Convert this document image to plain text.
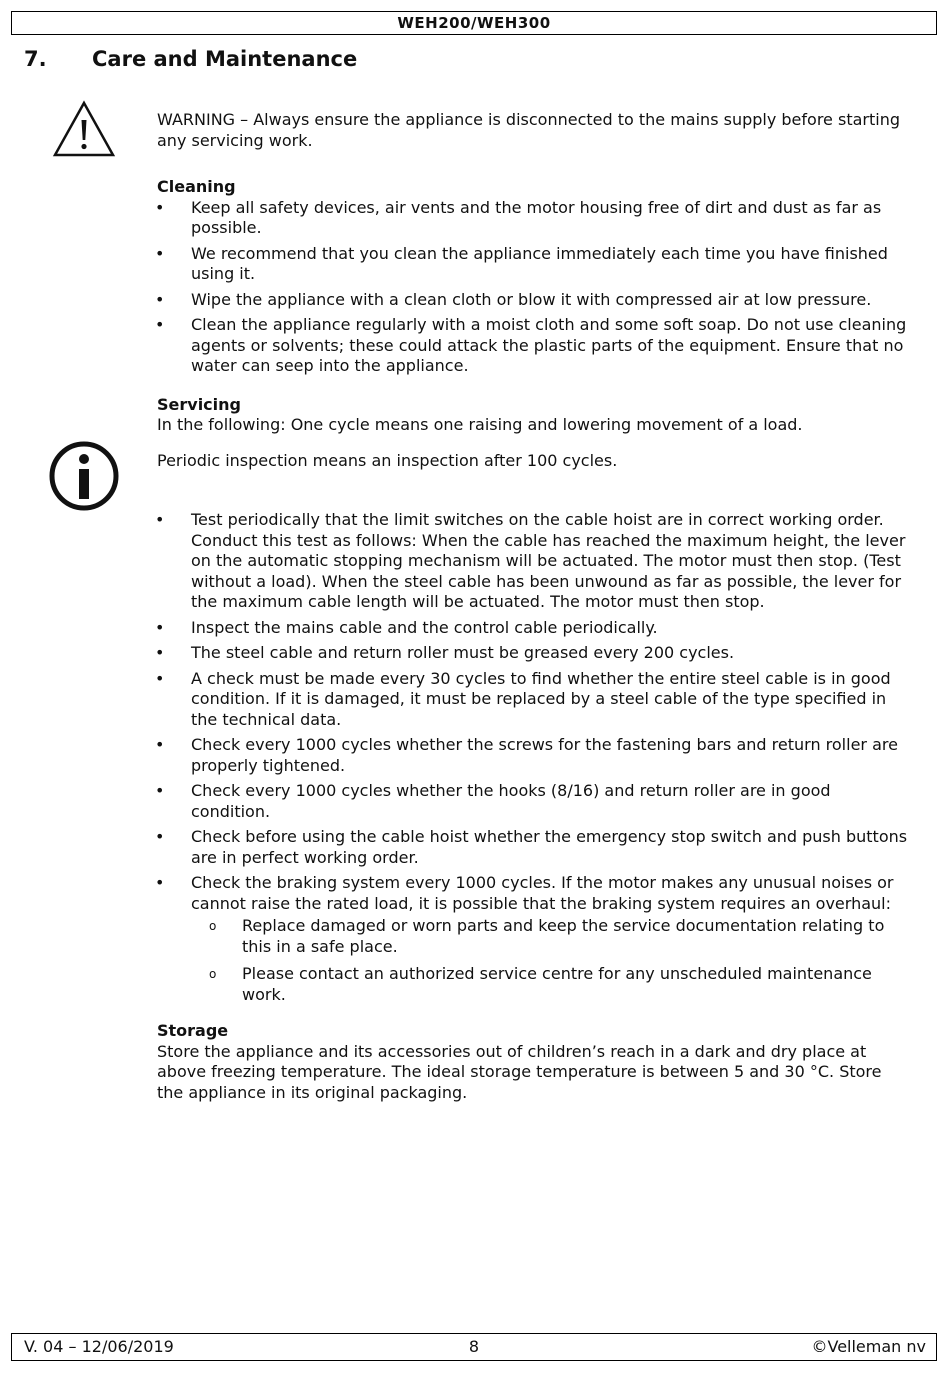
WEH200/WEH300
7. Care and Maintenance

WARNING – Always ensure the appliance is disconnected to the mains supply before starting any servicing work.

Cleaning
• Keep all safety devices, air vents and the motor housing free of dirt and dust as far as possible.
• We recommend that you clean the appliance immediately each time you have finished using it.
• Wipe the appliance with a clean cloth or blow it with compressed air at low pressure.
• Clean the appliance regularly with a moist cloth and some soft soap. Do not use cleaning agents or solvents; these could attack the plastic parts of the equipment. Ensure that no water can seep into the appliance.
Servicing

In the following: One cycle means one raising and lowering movement of a load.

Periodic inspection means an inspection after 100 cycles.

• Test periodically that the limit switches on the cable hoist are in correct working order. Conduct this test as follows: When the cable has reached the maximum height, the lever on the automatic stopping mechanism will be actuated. The motor must then stop. (Test without a load). When the steel cable has been unwound as far as possible, the lever for the maximum cable length will be actuated. The motor must then stop.
• Inspect the mains cable and the control cable periodically.
• The steel cable and return roller must be greased every 200 cycles.
• A check must be made every 30 cycles to find whether the entire steel cable is in good condition. If it is damaged, it must be replaced by a steel cable of the type specified in the technical data.
• Check every 1000 cycles whether the screws for the fastening bars and return roller are properly tightened.
• Check every 1000 cycles whether the hooks (8/16) and return roller are in good condition.
• Check before using the cable hoist whether the emergency stop switch and push buttons are in perfect working order.
• Check the braking system every 1000 cycles. If the motor makes any unusual noises or cannot raise the rated load, it is possible that the braking system requires an overhaul:
o Replace damaged or worn parts and keep the service documentation relating to this in a safe place.
o Please contact an authorized service centre for any unscheduled maintenance work.
Storage

Store the appliance and its accessories out of children’s reach in a dark and dry place at above freezing temperature. The ideal storage temperature is between 5 and 30 °C. Store the appliance in its original packaging.

V. 04 – 12/06/2019	8	©Velleman nv
